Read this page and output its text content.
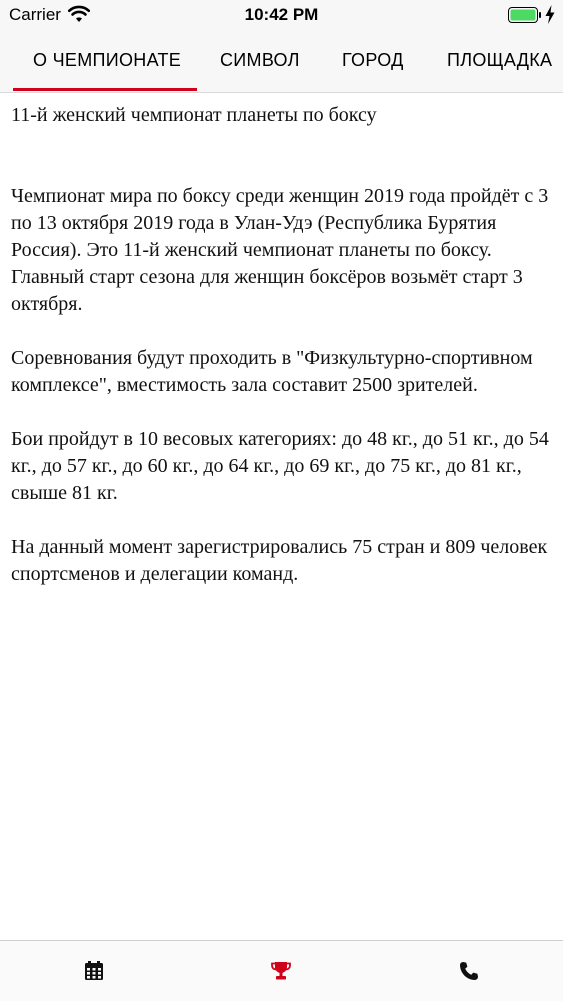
Carrier	10:42 PM
О ЧЕМПИОНАТЕ СИМВОЛ ГОРОД ПЛОЩАДКА

11-й женский чемпионат планеты по боксу

Чемпионат мира по боксу среди женщин 2019 года пройдёт с 3 по 13 октября 2019 года в Улан-Удэ (Республика Бурятия Россия). Это 11-й женский чемпионат планеты по боксу.

Главный старт сезона для женщин боксёров возьмёт старт 3 октября.

Соревнования будут проходить в "Физкультурно-спортивном комплексе", вместимость зала составит 2500 зрителей.

Бои пройдут в 10 весовых категориях: до 48 кг., до 51 кг., до 54 кг., до 57 кг., до 60 кг., до 64 кг., до 69 кг., до 75 кг., до 81 кг., свыше 81 кг.

На данный момент зарегистрировались 75 стран и 809 человек спортсменов и делегации команд.
